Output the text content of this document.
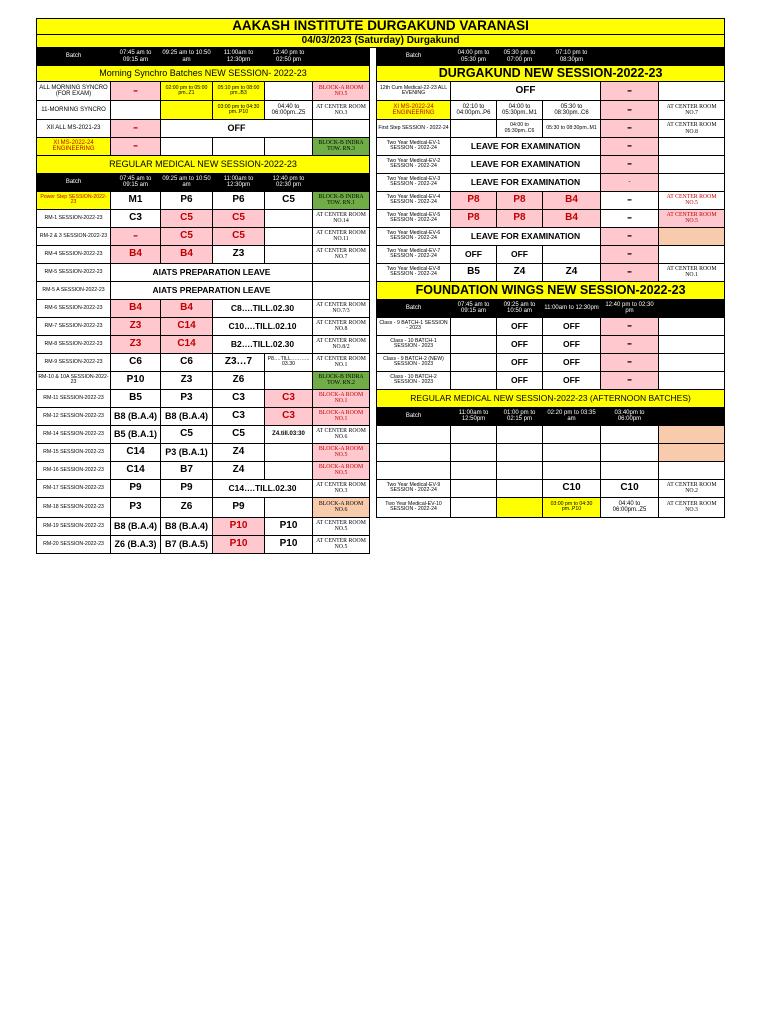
AAKASH INSTITUTE DURGAKUND VARANASI												
04/03/2023 (Saturday) Durgakund												
Batch	07:45 am to 09:15 am	09:25 am to 10:50 am	11:00am to 12:30pm	12:40 pm to 02:50 pm			Batch	04:00 pm to 05:30 pm	05:30 pm to 07:00 pm	07:10 pm to 08:30pm		
Morning Synchro Batches NEW SESSION- 2022-23							DURGAKUND NEW SESSION-2022-23					
ALL MORNING SYNCRO (FOR EXAM)	-	02:00 pm to 05:00 pm..Z1	05:10 pm to 08:00 pm..B3		BLOCK-A ROOM NO.5		12th Cum Medical-22-23 ALL EVENING	OFF			-	
11-MORNING SYNCRO			03:00 pm to 04:30 pm..P10	04:40 to 06:00pm..Z5	AT CENTER ROOM NO.3		XI MS-2022-24 ENGINEERING	02:10 to 04:00pm..P6	04:00 to 05:30pm..M1	05:30 to 08:30pm..C6	-	AT CENTER ROOM NO.7
XII ALL MS-2021-23	-	OFF					First Step SESSION - 2022-24		04:00 to 05:30pm..C6	05:30 to 08:30pm..M1	-	AT CENTER ROOM NO.8
XI MS-2022-24 ENGINEERING	-				BLOCK-B INDRA TOW. RN.3		Two Year Medical-EV-1 SESSION - 2022-24	LEAVE FOR EXAMINATION			-	
REGULAR MEDICAL NEW SESSION-2022-23							Two Year Medical-EV-2 SESSION - 2022-24	LEAVE FOR EXAMINATION			-	
Batch	07:45 am to 09:15 am	09:25 am to 10:50 am	11:00am to 12:30pm	12:40 pm to 02:30 pm			Two Year Medical-EV-3 SESSION - 2022-24	LEAVE FOR EXAMINATION			-	
Power Step SESSION-2022-23	M1	P6	P6	C5	BLOCK-B INDRA TOW. RN.1		Two Year Medical-EV-4 SESSION - 2022-24	P8	P8	B4	-	AT CENTER ROOM NO.5
RM-1 SESSION-2022-23	C3	C5	C5		AT CENTER ROOM NO.14		Two Year Medical-EV-5 SESSION - 2022-24	P8	P8	B4	-	AT CENTER ROOM NO.5
RM-2 & 3 SESSION-2022-23	-	C5	C5		AT CENTER ROOM NO.11		Two Year Medical-EV-6 SESSION - 2022-24	LEAVE FOR EXAMINATION			-	
RM-4 SESSION-2022-23	B4	B4	Z3		AT CENTER ROOM NO.7		Two Year Medical-EV-7 SESSION - 2022-24	OFF	OFF		-	
RM-5 SESSION-2022-23	AIATS PREPARATION LEAVE						Two Year Medical-EV-8 SESSION - 2022-24	B5	Z4	Z4	-	AT CENTER ROOM NO.1
RM-5 A SESSION-2022-23	AIATS PREPARATION LEAVE						FOUNDATION WINGS NEW SESSION-2022-23					
RM-6 SESSION-2022-23	B4	B4	C8….TILL.02.30		AT CENTER ROOM NO.7/3		Batch	07:45 am to 09:15 am	09:25 am to 10:50 am	11:00am to 12:30pm	12:40 pm to 02:30 pm	
RM-7 SESSION-2022-23	Z3	C14	C10….TILL.02.10		AT CENTER ROOM NO.8		Class - 9 BATCH-1 SESSION - 2023		OFF	OFF	-	
RM-8 SESSION-2022-23	Z3	C14	B2….TILL.02.30		AT CENTER ROOM NO.8/2		Class - 10 BATCH-1 SESSION - 2023		OFF	OFF	-	
RM-9 SESSION-2022-23	C6	C6	Z3…7	P8….TILL……….. 03.30	AT CENTER ROOM NO.1		Class - 9 BATCH-2 (NEW) SESSION - 2023		OFF	OFF	-	
RM-10 & 10A SESSION-2022-23	P10	Z3	Z6		BLOCK-B INDRA TOW. RN.2		Class - 10 BATCH-2 SESSION - 2023		OFF	OFF	-	
RM-11 SESSION-2022-23	B5	P3	C3	C3	BLOCK-A ROOM NO.1		REGULAR MEDICAL NEW SESSION-2022-23 (AFTERNOON BATCHES)					
RM-12 SESSION-2022-23	B8 (B.A.4)	B8 (B.A.4)	C3	C3	BLOCK-A ROOM NO.1		Batch	11:00am to 12:50pm	01:00 pm to 02:15 pm	02:20 pm to 03:35 am	03:40pm to 06:00pm	
RM-14 SESSION-2022-23	B5 (B.A.1)	C5	C5	Z4.till.03:30	AT CENTER ROOM NO.6							
RM-15 SESSION-2022-23	C14	P3 (B.A.1)	Z4		BLOCK-A ROOM NO.5							
RM-16 SESSION-2022-23	C14	B7	Z4		BLOCK-A ROOM NO.5							
RM-17 SESSION-2022-23	P9	P9	C14….TILL.02.30		AT CENTER ROOM NO.3		Two Year Medical-EV-9 SESSION - 2022-24			C10	C10	AT CENTER ROOM NO.2
RM-18 SESSION-2022-23	P3	Z6	P9		BLOCK-A ROOM NO.6		Two Year Medical-EV-10 SESSION - 2022-24			03:00 pm to 04:30 pm..P10	04:40 to 06:00pm..Z5	AT CENTER ROOM NO.3
RM-19 SESSION-2022-23	B8 (B.A.4)	B8 (B.A.4)	P10	P10	AT CENTER ROOM NO.5							
RM-20 SESSION-2022-23	Z6 (B.A.3)	B7 (B.A.5)	P10	P10	AT CENTER ROOM NO.5							
